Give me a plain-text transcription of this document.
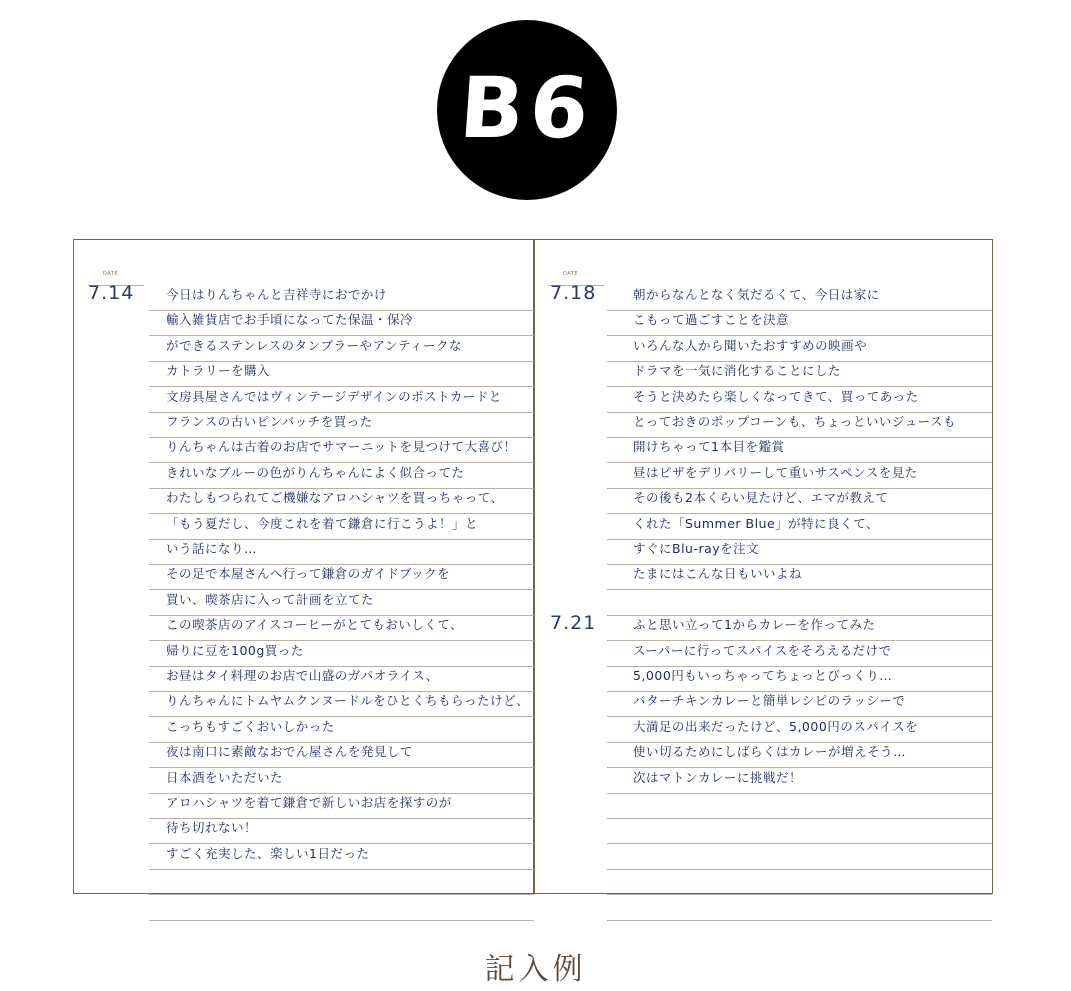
B6
DATE
7.14	今日はりんちゃんと吉祥寺におでかけ
輸入雑貨店でお手頃になってた保温・保冷
ができるステンレスのタンブラーやアンティークな
カトラリーを購入
文房具屋さんではヴィンテージデザインのポストカードと
フランスの古いピンバッチを買った
りんちゃんは古着のお店でサマーニットを見つけて大喜び！
きれいなブルーの色がりんちゃんによく似合ってた
わたしもつられてご機嫌なアロハシャツを買っちゃって、
「もう夏だし、今度これを着て鎌倉に行こうよ！」と
いう話になり…
その足で本屋さんへ行って鎌倉のガイドブックを
買い、喫茶店に入って計画を立てた
この喫茶店のアイスコーヒーがとてもおいしくて、
帰りに豆を100g買った
お昼はタイ料理のお店で山盛のガパオライス、
りんちゃんにトムヤムクンヌードルをひとくちもらったけど、
こっちもすごくおいしかった
夜は南口に素敵なおでん屋さんを発見して
日本酒をいただいた
アロハシャツを着て鎌倉で新しいお店を探すのが
待ち切れない！
すごく充実した、楽しい1日だった
DATE
7.18	朝からなんとなく気だるくて、今日は家に
こもって過ごすことを決意
いろんな人から聞いたおすすめの映画や
ドラマを一気に消化することにした
そうと決めたら楽しくなってきて、買ってあった
とっておきのポップコーンも、ちょっといいジュースも
開けちゃって1本目を鑑賞
昼はピザをデリバリーして重いサスペンスを見た
その後も2本くらい見たけど、エマが教えて
くれた「Summer Blue」が特に良くて、
すぐにBlu-rayを注文
たまにはこんな日もいいよね
7.21	ふと思い立って1からカレーを作ってみた
スーパーに行ってスパイスをそろえるだけで
5,000円もいっちゃってちょっとびっくり…
バターチキンカレーと簡単レシピのラッシーで
大満足の出来だったけど、5,000円のスパイスを
使い切るためにしばらくはカレーが増えそう…
次はマトンカレーに挑戦だ！
記入例
